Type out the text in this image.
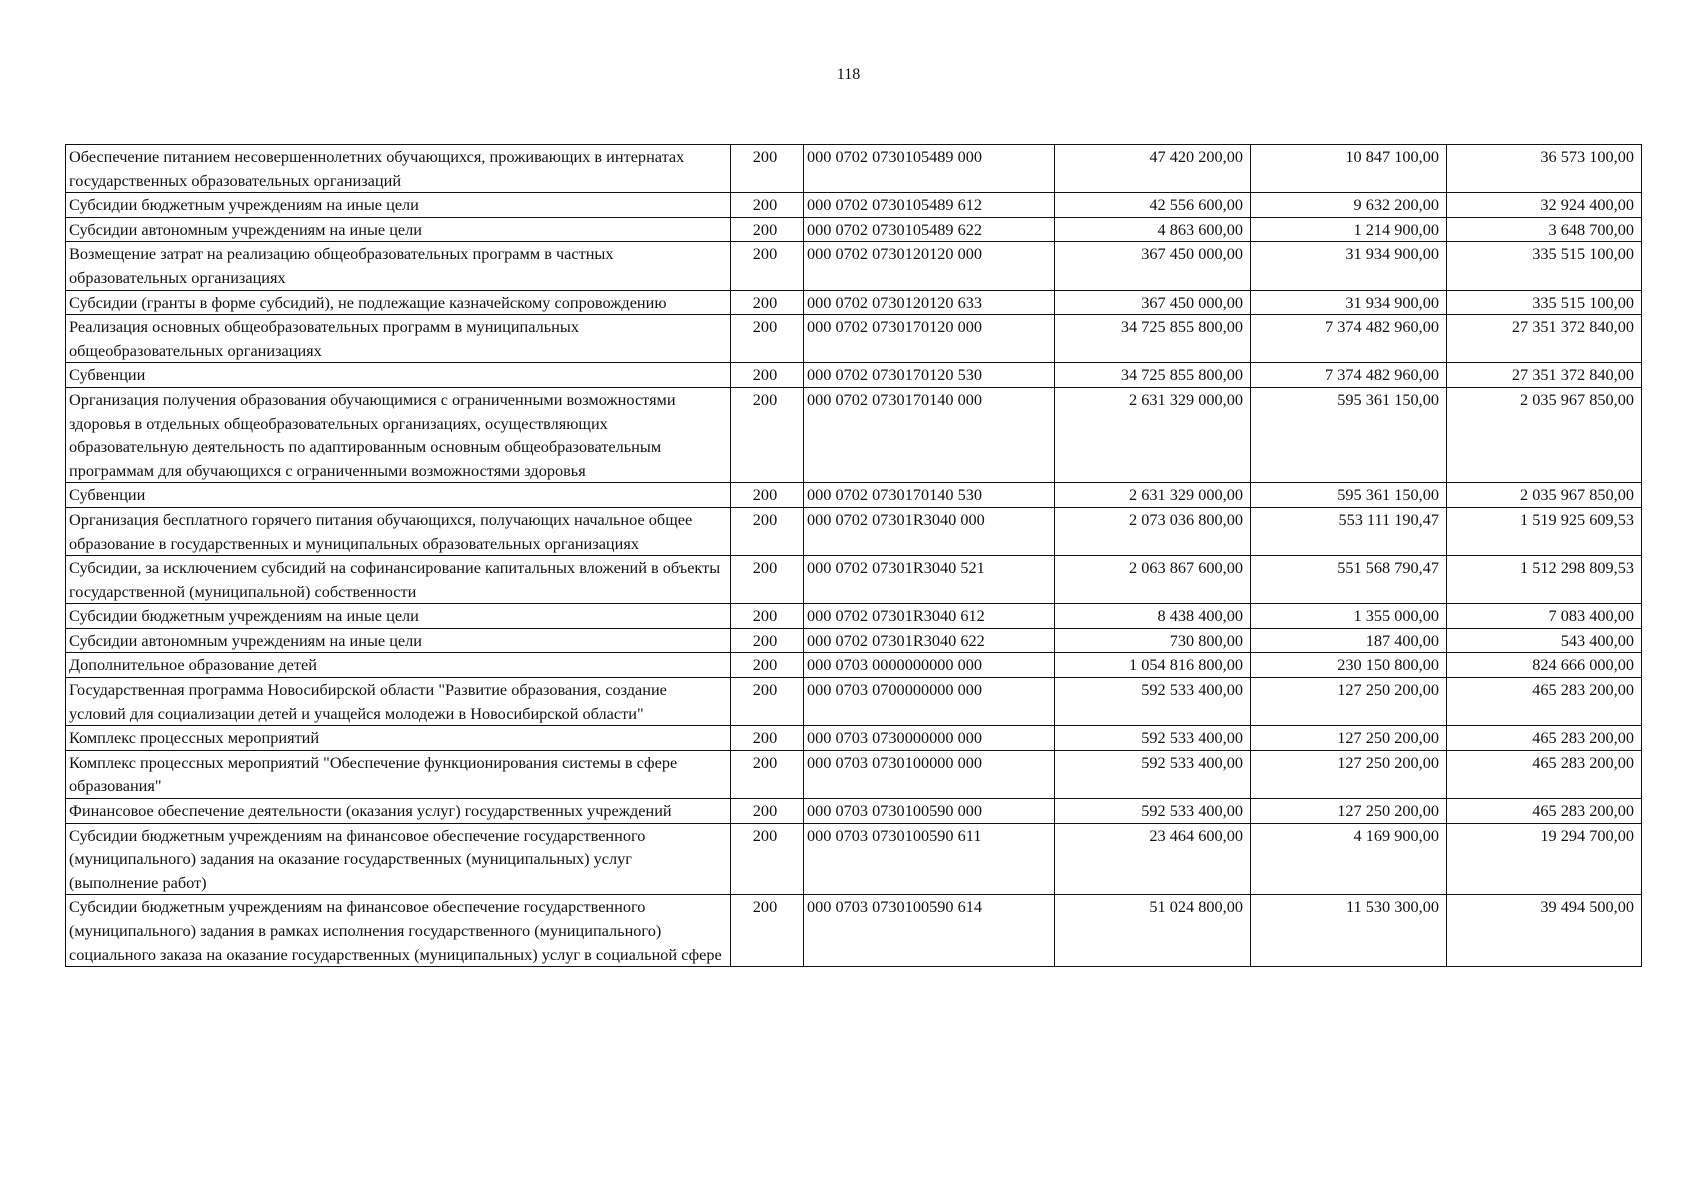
118
Обеспечение питанием несовершеннолетних обучающихся, проживающих в интернатах государственных образовательных организаций	200	000 0702 0730105489 000	47 420 200,00	10 847 100,00	36 573 100,00
Субсидии бюджетным учреждениям на иные цели	200	000 0702 0730105489 612	42 556 600,00	9 632 200,00	32 924 400,00
Субсидии автономным учреждениям на иные цели	200	000 0702 0730105489 622	4 863 600,00	1 214 900,00	3 648 700,00
Возмещение затрат на реализацию общеобразовательных программ в частных образовательных организациях	200	000 0702 0730120120 000	367 450 000,00	31 934 900,00	335 515 100,00
Субсидии (гранты в форме субсидий), не подлежащие казначейскому сопровождению	200	000 0702 0730120120 633	367 450 000,00	31 934 900,00	335 515 100,00
Реализация основных общеобразовательных программ в муниципальных общеобразовательных организациях	200	000 0702 0730170120 000	34 725 855 800,00	7 374 482 960,00	27 351 372 840,00
Субвенции	200	000 0702 0730170120 530	34 725 855 800,00	7 374 482 960,00	27 351 372 840,00
Организация получения образования обучающимися с ограниченными возможностями здоровья в отдельных общеобразовательных организациях, осуществляющих образовательную деятельность по адаптированным основным общеобразовательным программам для обучающихся с ограниченными возможностями здоровья	200	000 0702 0730170140 000	2 631 329 000,00	595 361 150,00	2 035 967 850,00
Субвенции	200	000 0702 0730170140 530	2 631 329 000,00	595 361 150,00	2 035 967 850,00
Организация бесплатного горячего питания обучающихся, получающих начальное общее образование в государственных и муниципальных образовательных организациях	200	000 0702 07301R3040 000	2 073 036 800,00	553 111 190,47	1 519 925 609,53
Субсидии, за исключением субсидий на софинансирование капитальных вложений в объекты государственной (муниципальной) собственности	200	000 0702 07301R3040 521	2 063 867 600,00	551 568 790,47	1 512 298 809,53
Субсидии бюджетным учреждениям на иные цели	200	000 0702 07301R3040 612	8 438 400,00	1 355 000,00	7 083 400,00
Субсидии автономным учреждениям на иные цели	200	000 0702 07301R3040 622	730 800,00	187 400,00	543 400,00
Дополнительное образование детей	200	000 0703 0000000000 000	1 054 816 800,00	230 150 800,00	824 666 000,00
Государственная программа Новосибирской области "Развитие образования, создание условий для социализации детей и учащейся молодежи в Новосибирской области"	200	000 0703 0700000000 000	592 533 400,00	127 250 200,00	465 283 200,00
Комплекс процессных мероприятий	200	000 0703 0730000000 000	592 533 400,00	127 250 200,00	465 283 200,00
Комплекс процессных мероприятий "Обеспечение функционирования системы в сфере образования"	200	000 0703 0730100000 000	592 533 400,00	127 250 200,00	465 283 200,00
Финансовое обеспечение деятельности (оказания услуг) государственных учреждений	200	000 0703 0730100590 000	592 533 400,00	127 250 200,00	465 283 200,00
Субсидии бюджетным учреждениям на финансовое обеспечение государственного (муниципального) задания на оказание государственных (муниципальных) услуг (выполнение работ)	200	000 0703 0730100590 611	23 464 600,00	4 169 900,00	19 294 700,00
Субсидии бюджетным учреждениям на финансовое обеспечение государственного (муниципального) задания в рамках исполнения государственного (муниципального) социального заказа на оказание государственных (муниципальных) услуг в социальной сфере	200	000 0703 0730100590 614	51 024 800,00	11 530 300,00	39 494 500,00
